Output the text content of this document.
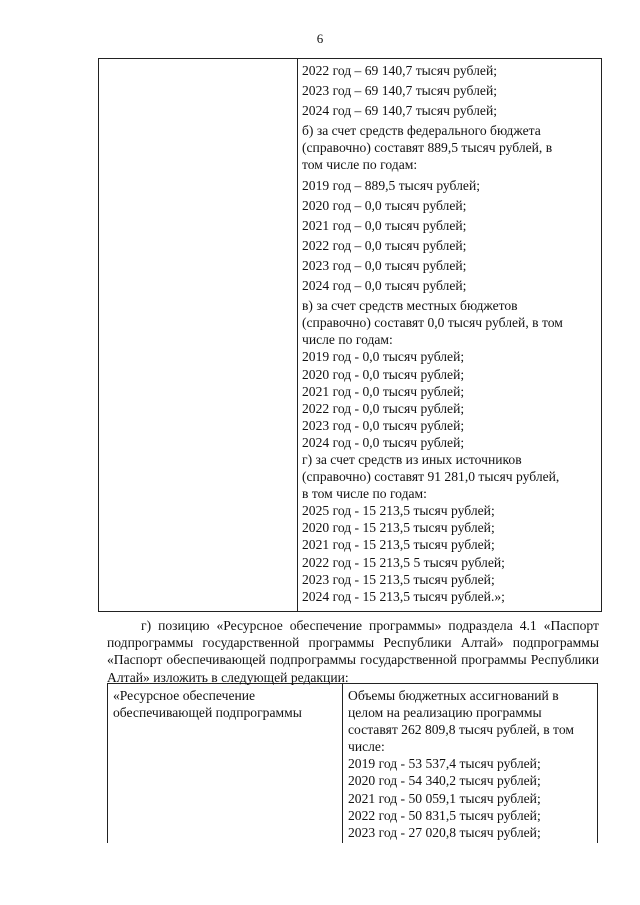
6
2022 год – 69 140,7 тысяч рублей;
2023 год – 69 140,7 тысяч рублей;
2024 год – 69 140,7 тысяч рублей;
б) за счет средств федерального бюджета
(справочно) составят 889,5 тысяч рублей, в
том числе по годам:
2019 год – 889,5 тысяч рублей;
2020 год – 0,0 тысяч рублей;
2021 год – 0,0 тысяч рублей;
2022 год – 0,0 тысяч рублей;
2023 год – 0,0 тысяч рублей;
2024 год – 0,0 тысяч рублей;
в) за счет средств местных бюджетов
(справочно) составят 0,0 тысяч рублей, в том
числе по годам:
2019 год - 0,0 тысяч рублей;
2020 год - 0,0 тысяч рублей;
2021 год - 0,0 тысяч рублей;
2022 год - 0,0 тысяч рублей;
2023 год - 0,0 тысяч рублей;
2024 год - 0,0 тысяч рублей;
г) за счет средств из иных источников
(справочно) составят 91 281,0 тысяч рублей,
в том числе по годам:
2025 год - 15 213,5 тысяч рублей;
2020 год - 15 213,5 тысяч рублей;
2021 год - 15 213,5 тысяч рублей;
2022 год - 15 213,5 5 тысяч рублей;
2023 год - 15 213,5 тысяч рублей;
2024 год - 15 213,5 тысяч рублей.»;
г) позицию «Ресурсное обеспечение программы» подраздела 4.1 «Паспорт подпрограммы государственной программы Республики Алтай» подпрограммы «Паспорт обеспечивающей подпрограммы государственной программы Республики Алтай» изложить в следующей редакции:
«Ресурсное обеспечение
обеспечивающей подпрограммы
Объемы бюджетных ассигнований в
целом на реализацию программы
составят 262 809,8 тысяч рублей, в том
числе:
2019 год - 53 537,4 тысяч рублей;
2020 год - 54 340,2 тысяч рублей;
2021 год - 50 059,1 тысяч рублей;
2022 год - 50 831,5 тысяч рублей;
2023 год - 27 020,8 тысяч рублей;
